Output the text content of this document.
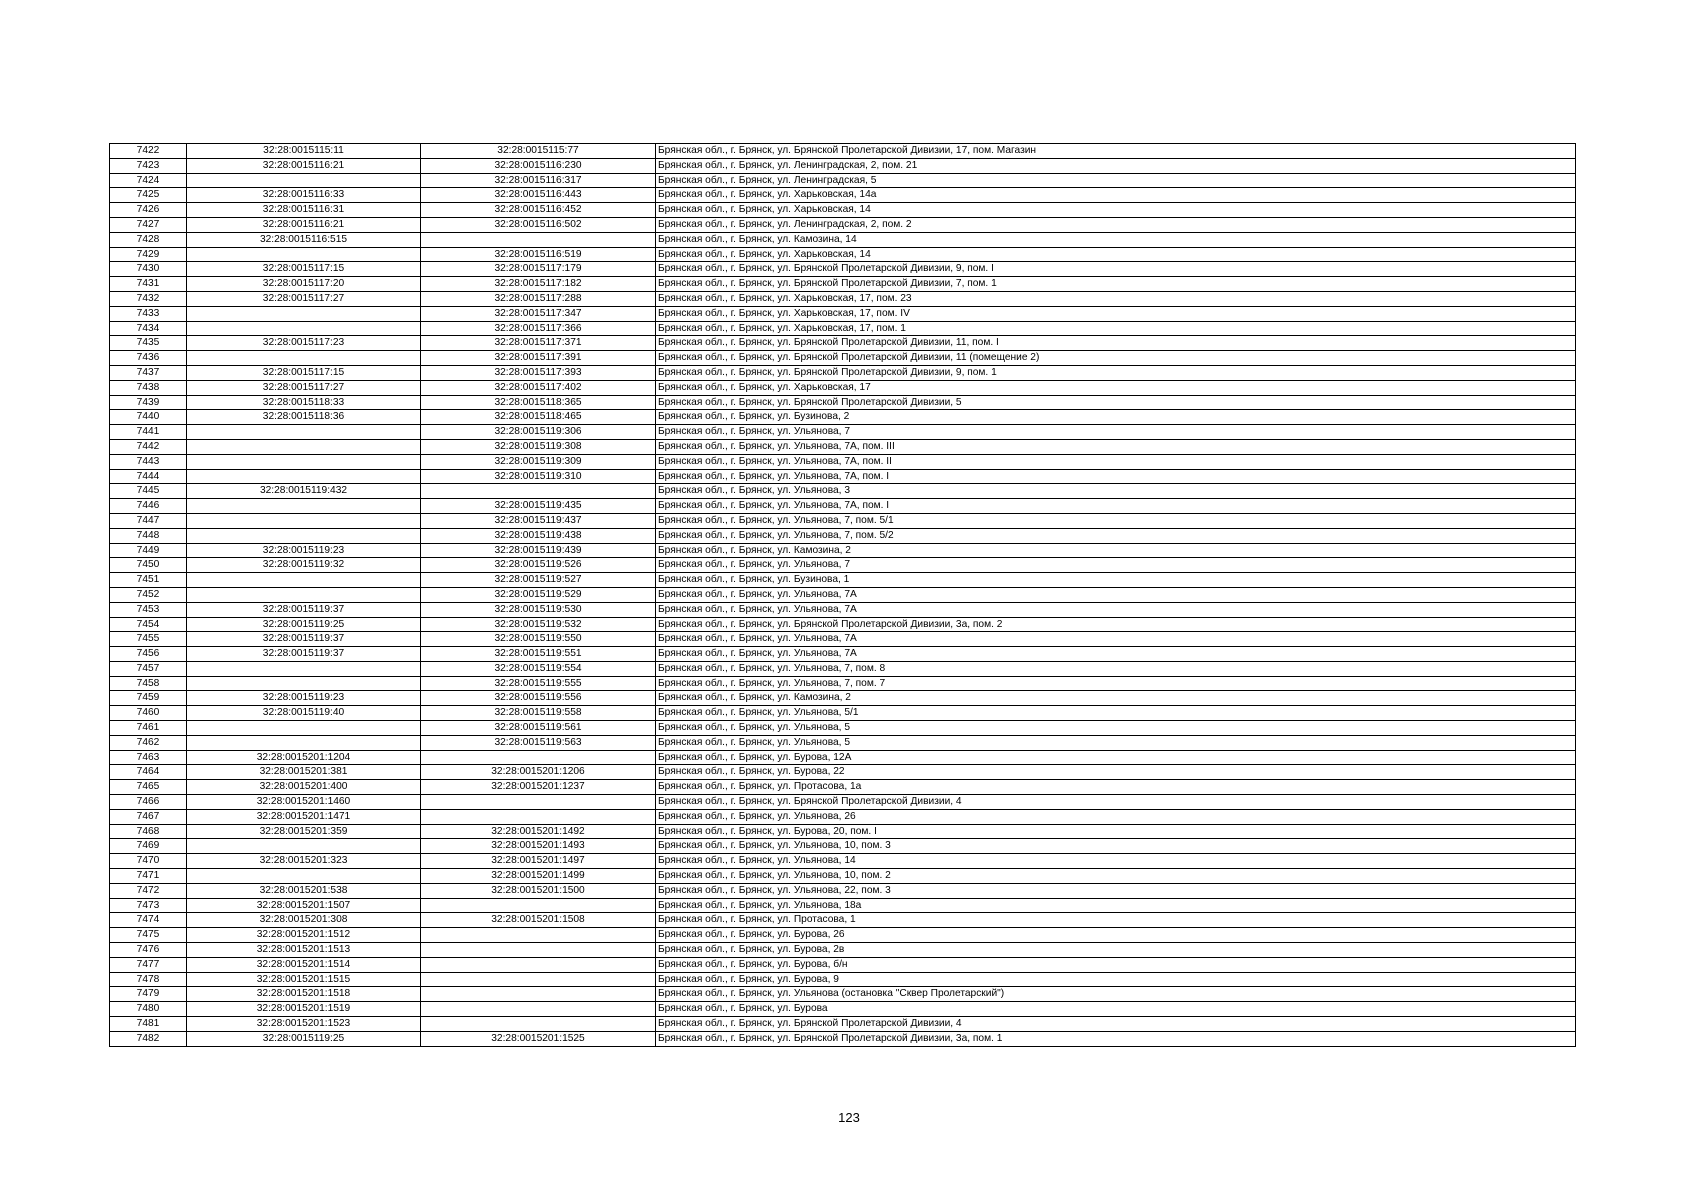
7422	32:28:0015115:11	32:28:0015115:77	Брянская обл., г. Брянск, ул. Брянской Пролетарской Дивизии, 17, пом. Магазин
7423	32:28:0015116:21	32:28:0015116:230	Брянская обл., г. Брянск, ул. Ленинградская, 2, пом. 21
7424		32:28:0015116:317	Брянская обл., г. Брянск, ул. Ленинградская, 5
7425	32:28:0015116:33	32:28:0015116:443	Брянская обл., г. Брянск, ул. Харьковская, 14а
7426	32:28:0015116:31	32:28:0015116:452	Брянская обл., г. Брянск, ул. Харьковская, 14
7427	32:28:0015116:21	32:28:0015116:502	Брянская обл., г. Брянск, ул. Ленинградская, 2, пом. 2
7428	32:28:0015116:515		Брянская обл., г. Брянск, ул. Камозина, 14
7429		32:28:0015116:519	Брянская обл., г. Брянск, ул. Харьковская, 14
7430	32:28:0015117:15	32:28:0015117:179	Брянская обл., г. Брянск, ул. Брянской Пролетарской Дивизии, 9, пом. I
7431	32:28:0015117:20	32:28:0015117:182	Брянская обл., г. Брянск, ул. Брянской Пролетарской Дивизии, 7, пом. 1
7432	32:28:0015117:27	32:28:0015117:288	Брянская обл., г. Брянск, ул. Харьковская, 17, пом. 23
7433		32:28:0015117:347	Брянская обл., г. Брянск, ул. Харьковская, 17, пом. IV
7434		32:28:0015117:366	Брянская обл., г. Брянск, ул. Харьковская, 17, пом. 1
7435	32:28:0015117:23	32:28:0015117:371	Брянская обл., г. Брянск, ул. Брянской Пролетарской Дивизии, 11, пом. I
7436		32:28:0015117:391	Брянская обл., г. Брянск, ул. Брянской Пролетарской Дивизии, 11 (помещение 2)
7437	32:28:0015117:15	32:28:0015117:393	Брянская обл., г. Брянск, ул. Брянской Пролетарской Дивизии, 9, пом. 1
7438	32:28:0015117:27	32:28:0015117:402	Брянская обл., г. Брянск, ул. Харьковская, 17
7439	32:28:0015118:33	32:28:0015118:365	Брянская обл., г. Брянск, ул. Брянской Пролетарской Дивизии, 5
7440	32:28:0015118:36	32:28:0015118:465	Брянская обл., г. Брянск, ул. Бузинова, 2
7441		32:28:0015119:306	Брянская обл., г. Брянск, ул. Ульянова, 7
7442		32:28:0015119:308	Брянская обл., г. Брянск, ул. Ульянова, 7А, пом. III
7443		32:28:0015119:309	Брянская обл., г. Брянск, ул. Ульянова, 7А, пом. II
7444		32:28:0015119:310	Брянская обл., г. Брянск, ул. Ульянова, 7А, пом. I
7445	32:28:0015119:432		Брянская обл., г. Брянск, ул. Ульянова, 3
7446		32:28:0015119:435	Брянская обл., г. Брянск, ул. Ульянова, 7А, пом. I
7447		32:28:0015119:437	Брянская обл., г. Брянск, ул. Ульянова, 7, пом. 5/1
7448		32:28:0015119:438	Брянская обл., г. Брянск, ул. Ульянова, 7, пом. 5/2
7449	32:28:0015119:23	32:28:0015119:439	Брянская обл., г. Брянск, ул. Камозина, 2
7450	32:28:0015119:32	32:28:0015119:526	Брянская обл., г. Брянск, ул. Ульянова, 7
7451		32:28:0015119:527	Брянская обл., г. Брянск, ул. Бузинова, 1
7452		32:28:0015119:529	Брянская обл., г. Брянск, ул. Ульянова, 7А
7453	32:28:0015119:37	32:28:0015119:530	Брянская обл., г. Брянск, ул. Ульянова, 7А
7454	32:28:0015119:25	32:28:0015119:532	Брянская обл., г. Брянск, ул. Брянской Пролетарской Дивизии, 3а, пом. 2
7455	32:28:0015119:37	32:28:0015119:550	Брянская обл., г. Брянск, ул. Ульянова, 7А
7456	32:28:0015119:37	32:28:0015119:551	Брянская обл., г. Брянск, ул. Ульянова, 7А
7457		32:28:0015119:554	Брянская обл., г. Брянск, ул. Ульянова, 7, пом. 8
7458		32:28:0015119:555	Брянская обл., г. Брянск, ул. Ульянова, 7, пом. 7
7459	32:28:0015119:23	32:28:0015119:556	Брянская обл., г. Брянск, ул. Камозина, 2
7460	32:28:0015119:40	32:28:0015119:558	Брянская обл., г. Брянск, ул. Ульянова, 5/1
7461		32:28:0015119:561	Брянская обл., г. Брянск, ул. Ульянова, 5
7462		32:28:0015119:563	Брянская обл., г. Брянск, ул. Ульянова, 5
7463	32:28:0015201:1204		Брянская обл., г. Брянск, ул. Бурова, 12А
7464	32:28:0015201:381	32:28:0015201:1206	Брянская обл., г. Брянск, ул. Бурова, 22
7465	32:28:0015201:400	32:28:0015201:1237	Брянская обл., г. Брянск, ул. Протасова, 1а
7466	32:28:0015201:1460		Брянская обл., г. Брянск, ул. Брянской Пролетарской Дивизии, 4
7467	32:28:0015201:1471		Брянская обл., г. Брянск, ул. Ульянова, 26
7468	32:28:0015201:359	32:28:0015201:1492	Брянская обл., г. Брянск, ул. Бурова, 20, пом. I
7469		32:28:0015201:1493	Брянская обл., г. Брянск, ул. Ульянова, 10, пом. 3
7470	32:28:0015201:323	32:28:0015201:1497	Брянская обл., г. Брянск, ул. Ульянова, 14
7471		32:28:0015201:1499	Брянская обл., г. Брянск, ул. Ульянова, 10, пом. 2
7472	32:28:0015201:538	32:28:0015201:1500	Брянская обл., г. Брянск, ул. Ульянова, 22, пом. 3
7473	32:28:0015201:1507		Брянская обл., г. Брянск, ул. Ульянова, 18а
7474	32:28:0015201:308	32:28:0015201:1508	Брянская обл., г. Брянск, ул. Протасова, 1
7475	32:28:0015201:1512		Брянская обл., г. Брянск, ул. Бурова, 26
7476	32:28:0015201:1513		Брянская обл., г. Брянск, ул. Бурова, 2в
7477	32:28:0015201:1514		Брянская обл., г. Брянск, ул. Бурова, б/н
7478	32:28:0015201:1515		Брянская обл., г. Брянск, ул. Бурова, 9
7479	32:28:0015201:1518		Брянская обл., г. Брянск, ул. Ульянова (остановка "Сквер Пролетарский")
7480	32:28:0015201:1519		Брянская обл., г. Брянск, ул. Бурова
7481	32:28:0015201:1523		Брянская обл., г. Брянск, ул. Брянской Пролетарской Дивизии, 4
7482	32:28:0015119:25	32:28:0015201:1525	Брянская обл., г. Брянск, ул. Брянской Пролетарской Дивизии, 3а, пом. 1
123
